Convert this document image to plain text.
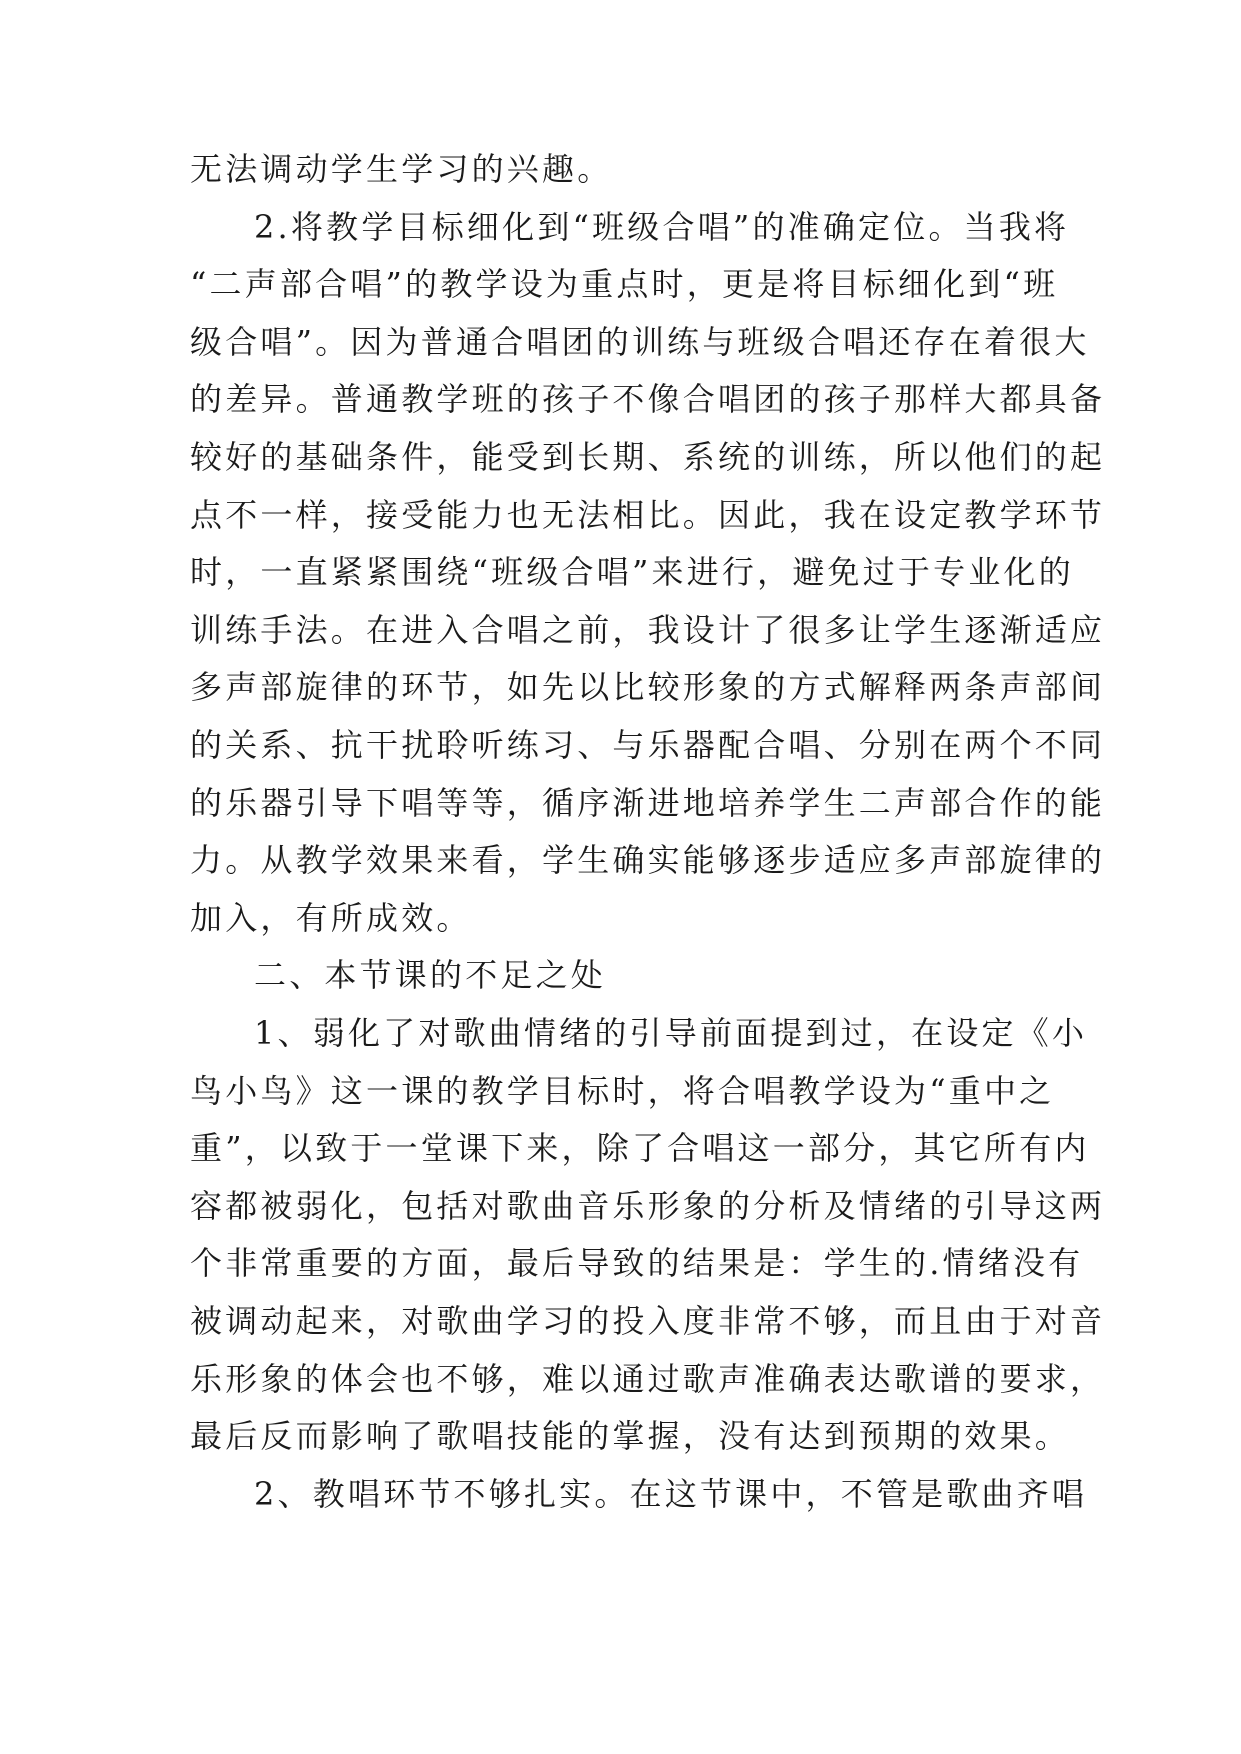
无法调动学生学习的兴趣。
2.将教学目标细化到“班级合唱”的准确定位。当我将
“二声部合唱”的教学设为重点时，更是将目标细化到“班
级合唱”。因为普通合唱团的训练与班级合唱还存在着很大
的差异。普通教学班的孩子不像合唱团的孩子那样大都具备
较好的基础条件，能受到长期、系统的训练，所以他们的起
点不一样，接受能力也无法相比。因此，我在设定教学环节
时，一直紧紧围绕“班级合唱”来进行，避免过于专业化的
训练手法。在进入合唱之前，我设计了很多让学生逐渐适应
多声部旋律的环节，如先以比较形象的方式解释两条声部间
的关系、抗干扰聆听练习、与乐器配合唱、分别在两个不同
的乐器引导下唱等等，循序渐进地培养学生二声部合作的能
力。从教学效果来看，学生确实能够逐步适应多声部旋律的
加入，有所成效。
二、本节课的不足之处
1、弱化了对歌曲情绪的引导前面提到过，在设定《小
鸟小鸟》这一课的教学目标时，将合唱教学设为“重中之
重”，以致于一堂课下来，除了合唱这一部分，其它所有内
容都被弱化，包括对歌曲音乐形象的分析及情绪的引导这两
个非常重要的方面，最后导致的结果是：学生的.情绪没有
被调动起来，对歌曲学习的投入度非常不够，而且由于对音
乐形象的体会也不够，难以通过歌声准确表达歌谱的要求，
最后反而影响了歌唱技能的掌握，没有达到预期的效果。
2、教唱环节不够扎实。在这节课中，不管是歌曲齐唱
